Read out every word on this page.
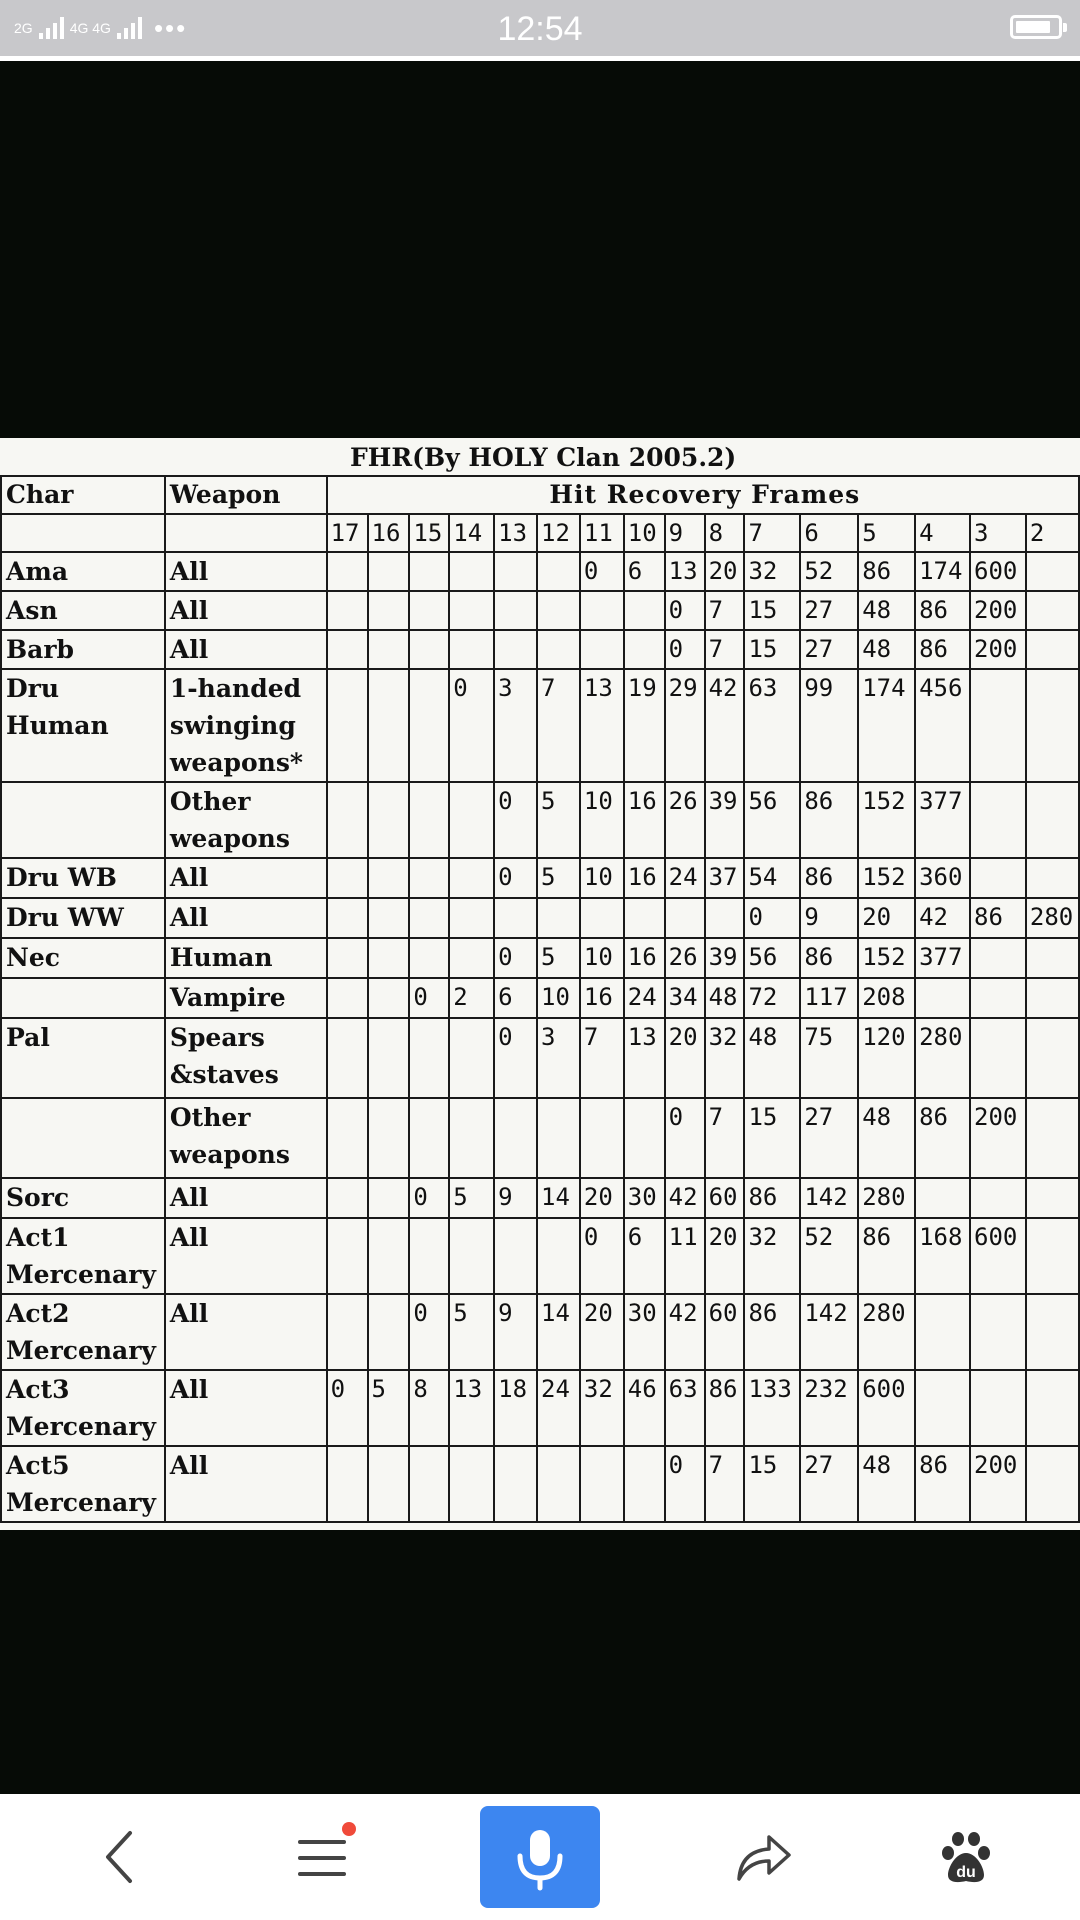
2G	4G 4G •••	12:54
FHR(By HOLY Clan 2005.2)
Char	Weapon	Hit Recovery Frames															
		17	16	15	14	13	12	11	10	9	8	7	6	5	4	3	2
Ama	All							0	6	13	20	32	52	86	174	600	
Asn	All									0	7	15	27	48	86	200	
Barb	All									0	7	15	27	48	86	200	
Dru Human	1-handed swinging weapons*				0	3	7	13	19	29	42	63	99	174	456		
	Other weapons					0	5	10	16	26	39	56	86	152	377		
Dru WB	All					0	5	10	16	24	37	54	86	152	360		
Dru WW	All											0	9	20	42	86	280
Nec	Human					0	5	10	16	26	39	56	86	152	377		
	Vampire			0	2	6	10	16	24	34	48	72	117	208			
Pal	Spears &staves					0	3	7	13	20	32	48	75	120	280		
	Other weapons									0	7	15	27	48	86	200	
Sorc	All			0	5	9	14	20	30	42	60	86	142	280			
Act1 Mercenary	All							0	6	11	20	32	52	86	168	600	
Act2 Mercenary	All			0	5	9	14	20	30	42	60	86	142	280			
Act3 Mercenary	All	0	5	8	13	18	24	32	46	63	86	133	232	600			
Act5 Mercenary	All									0	7	15	27	48	86	200	
du
